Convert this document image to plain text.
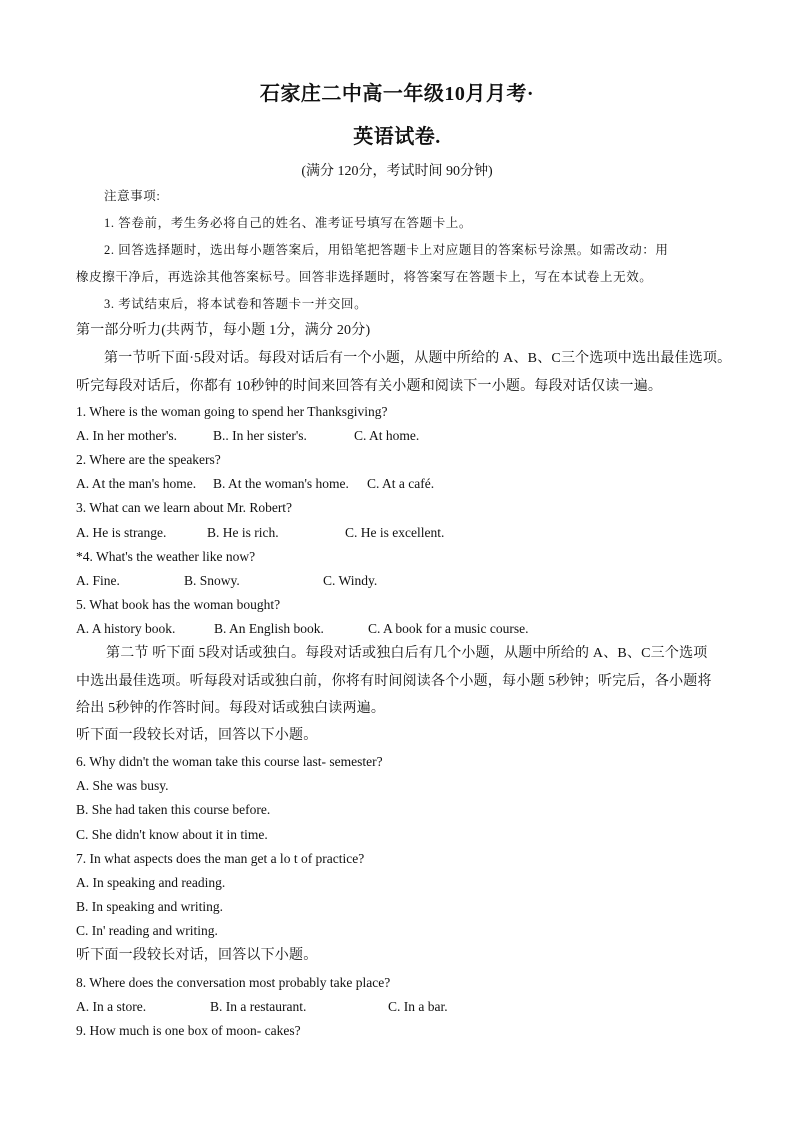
石家庄二中高一年级10月月考·
英语试卷.
(满分 120分，考试时间 90分钟)
注意事项:
1. 答卷前，考生务必将自己的姓名、准考证号填写在答题卡上。
2. 回答选择题时，选出每小题答案后，用铅笔把答题卡上对应题目的答案标号涂黑。如需改动：用
橡皮擦干净后，再选涂其他答案标号。回答非选择题时，将答案写在答题卡上，写在本试卷上无效。
3. 考试结束后，将本试卷和答题卡一并交回。
第一部分听力(共两节，每小题 1分，满分 20分)
第一节听下面·5段对话。每段对话后有一个小题，从题中所给的 A、B、C三个选项中选出最佳选项。
听完每段对话后，你都有 10秒钟的时间来回答有关小题和阅读下一小题。每段对话仅读一遍。
1. Where is the woman going to spend her Thanksgiving?
A. In her mother's.	B.. In her sister's.	C. At home.
2. Where are the speakers?
A. At the man's home. B. At the woman's home. C. At a café.
3. What can we learn about Mr. Robert?
A. He is strange.	B. He is rich.	C. He is excellent.
*4. What's the weather like now?
A. Fine.	B. Snowy.	C. Windy.
5. What book has the woman bought?
A. A history book.	B. An English book.	C. A book for a music course.
第二节 听下面 5段对话或独白。每段对话或独白后有几个小题，从题中所给的 A、B、C三个选项
中选出最佳选项。听每段对话或独白前，你将有时间阅读各个小题，每小题 5秒钟；听完后，各小题将
给出 5秒钟的作答时间。每段对话或独白读两遍。
听下面一段较长对话，回答以下小题。
6. Why didn't the woman take this course last- semester?
A. She was busy.
B. She had taken this course before.
C. She didn't know about it in time.
7. In what aspects does the man get a lo t of practice?
A. In speaking and reading.
B. In speaking and writing.
C. In' reading and writing.
听下面一段较长对话，回答以下小题。
8. Where does the conversation most probably take place?
A. In a store.	B. In a restaurant.	C. In a bar.
9. How much is one box of moon- cakes?
